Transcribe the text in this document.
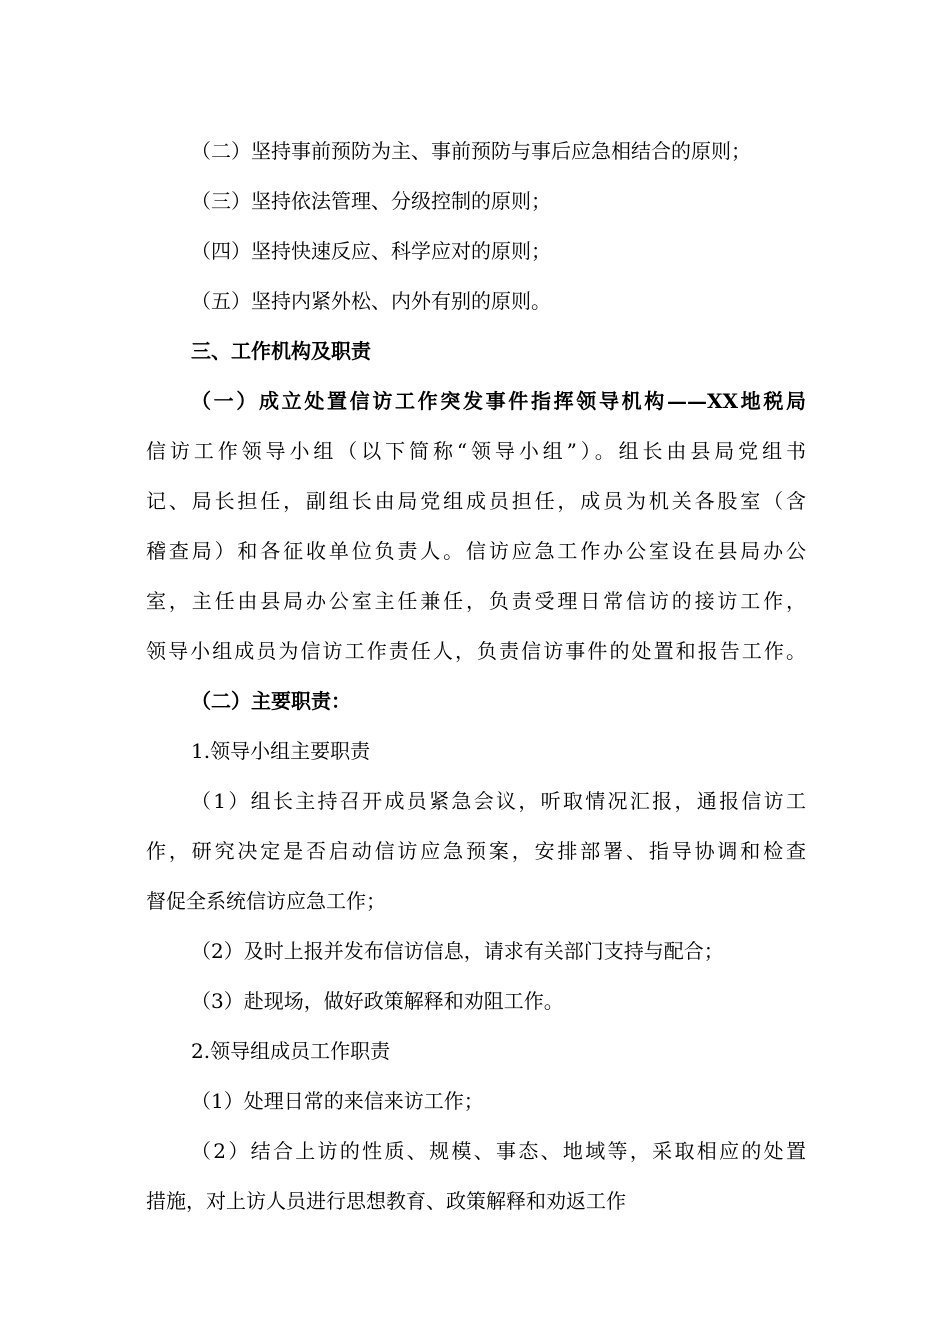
（二）坚持事前预防为主、事前预防与事后应急相结合的原则；
（三）坚持依法管理、分级控制的原则；
（四）坚持快速反应、科学应对的原则；
（五）坚持内紧外松、内外有别的原则。
三、工作机构及职责
（一）成立处置信访工作突发事件指挥领导机构——XX地税局
信访工作领导小组（以下简称“领导小组”）。组长由县局党组书
记、局长担任，副组长由局党组成员担任，成员为机关各股室（含
稽查局）和各征收单位负责人。信访应急工作办公室设在县局办公
室，主任由县局办公室主任兼任，负责受理日常信访的接访工作，
领导小组成员为信访工作责任人，负责信访事件的处置和报告工作。
（二）主要职责：
1.领导小组主要职责
（1）组长主持召开成员紧急会议，听取情况汇报，通报信访工
作，研究决定是否启动信访应急预案，安排部署、指导协调和检查
督促全系统信访应急工作；
（2）及时上报并发布信访信息，请求有关部门支持与配合；
（3）赴现场，做好政策解释和劝阻工作。
2.领导组成员工作职责
（1）处理日常的来信来访工作；
（2）结合上访的性质、规模、事态、地域等，采取相应的处置
措施，对上访人员进行思想教育、政策解释和劝返工作
